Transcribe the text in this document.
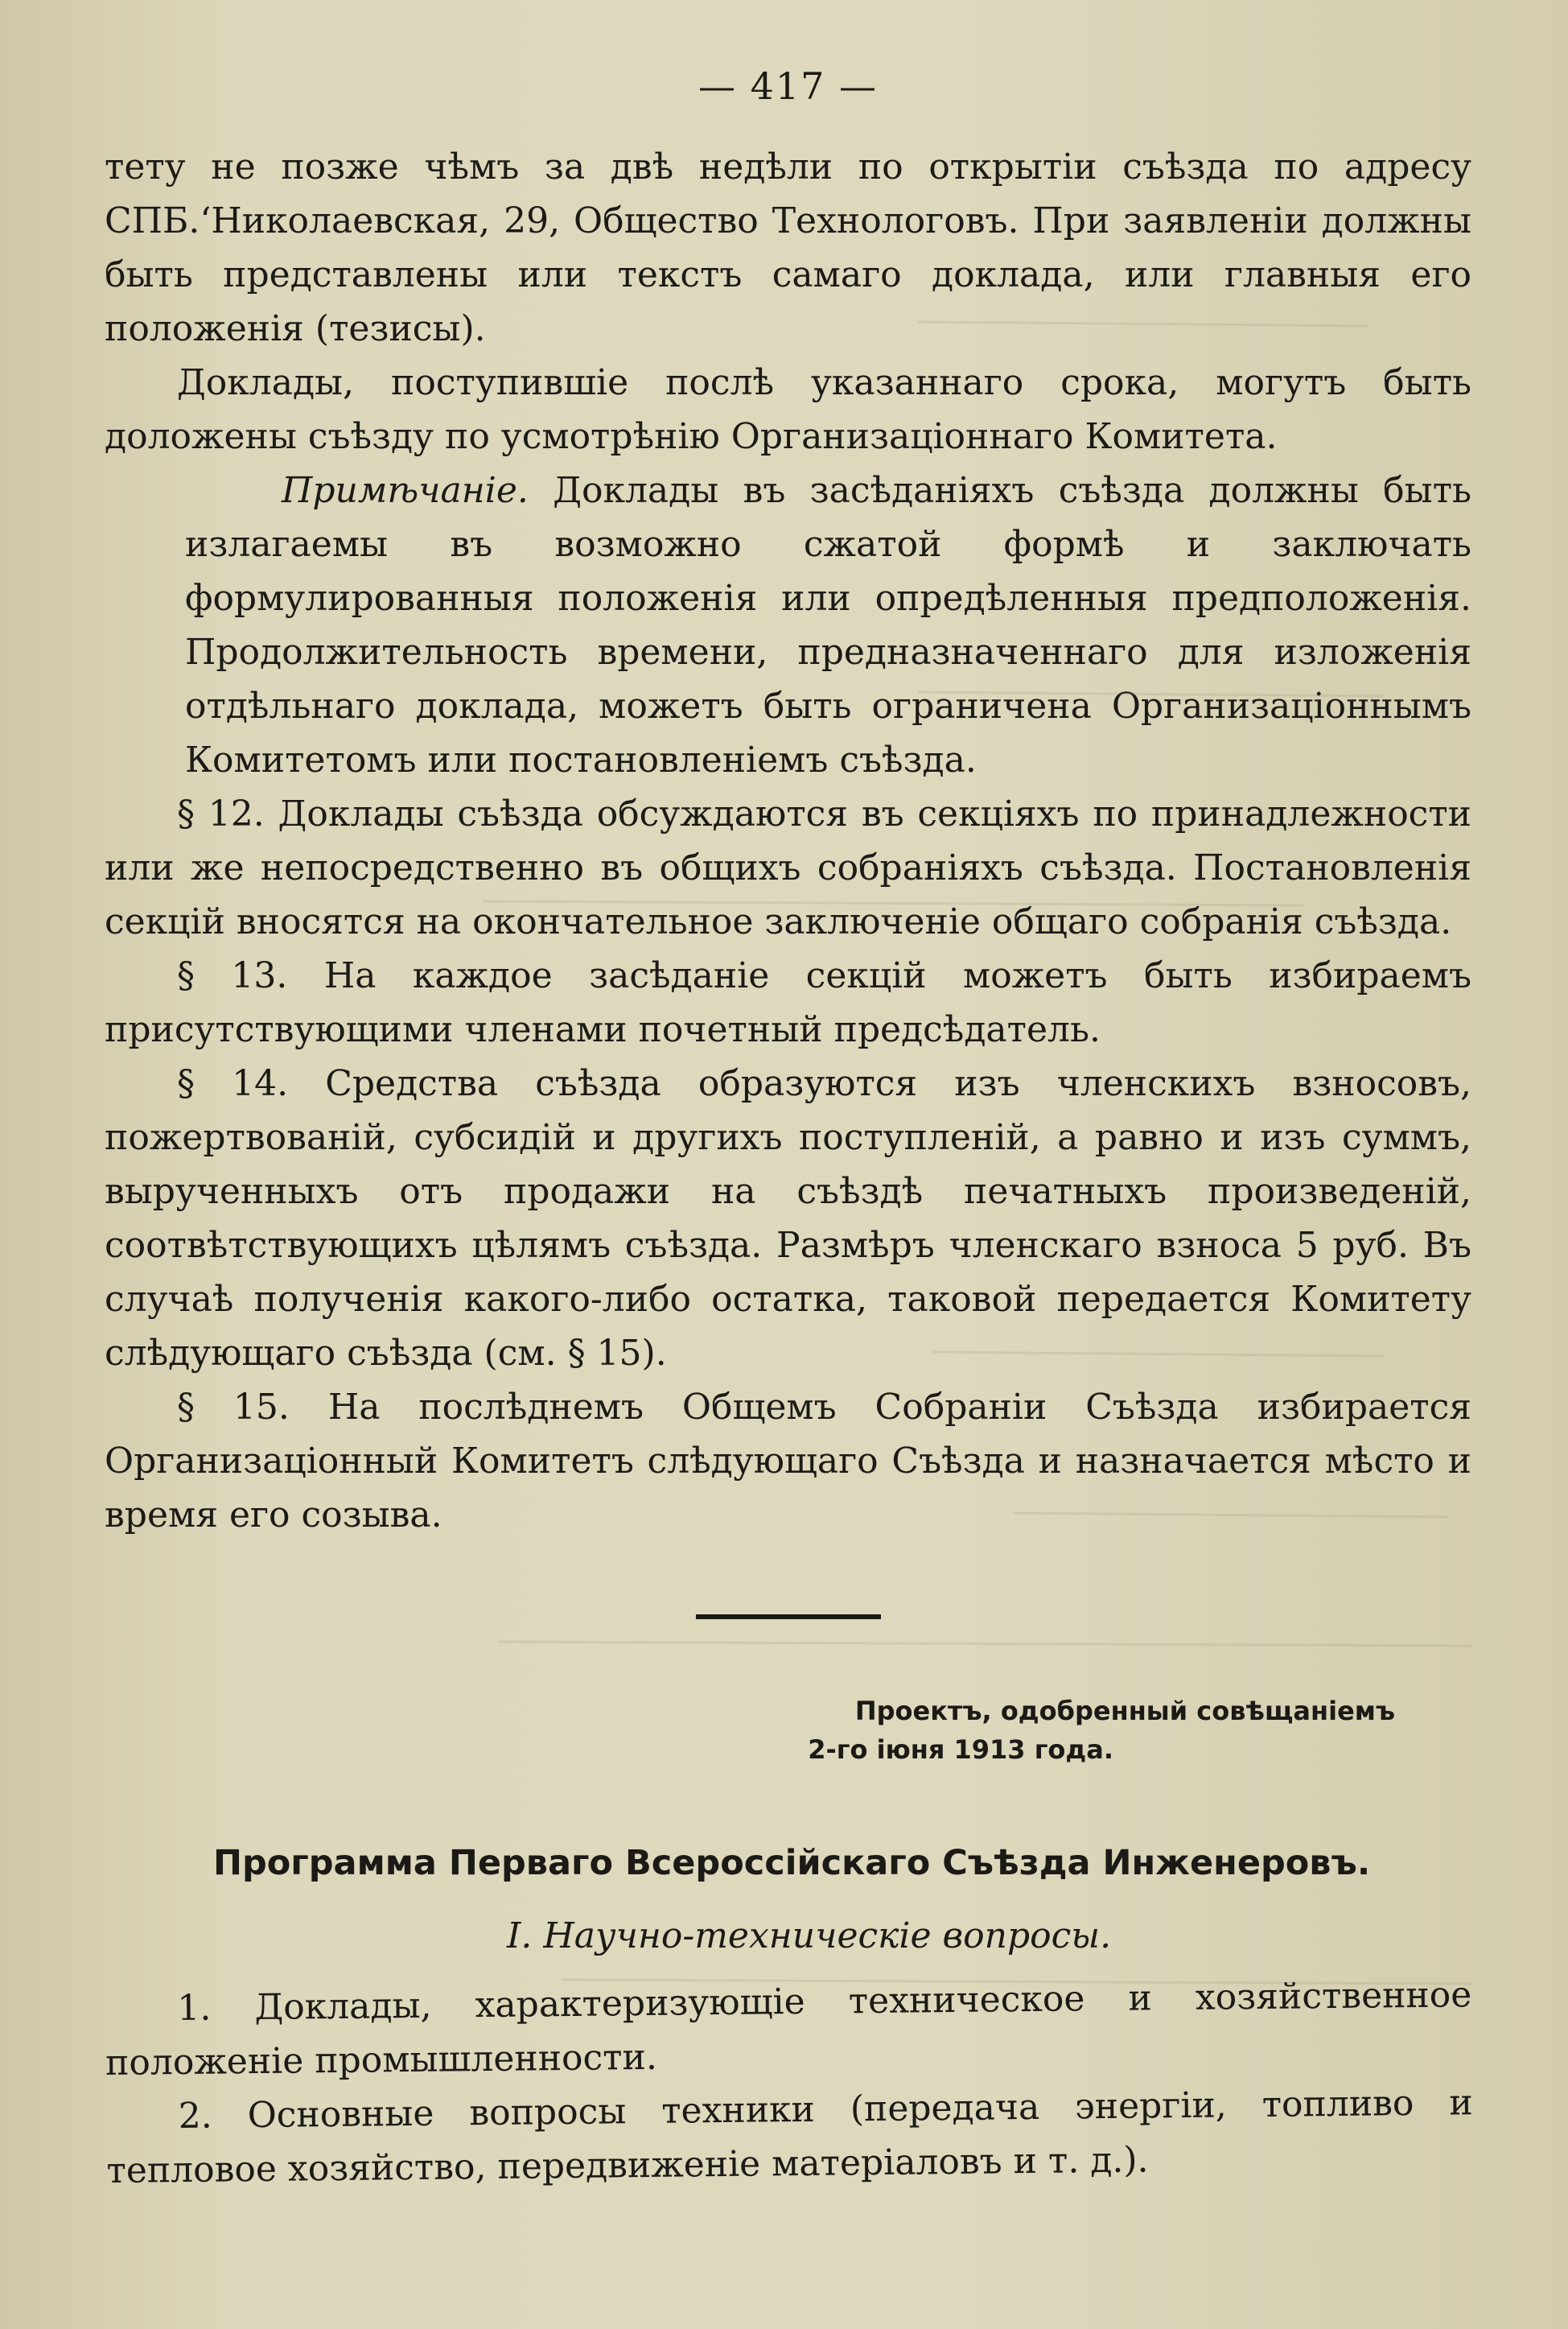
— 417 —

тету не позже чѣмъ за двѣ недѣли по открытiи съѣзда по адресу СПБ.‘Николаевская, 29, Общество Технологовъ. При заявленiи должны быть представлены или текстъ самаго доклада, или главныя его положенiя (тезисы).

Доклады, поступившiе послѣ указаннаго срока, могутъ быть доложены съѣзду по усмотрѣнiю Организацiоннаго Комитета.

Примѣчанiе. Доклады въ засѣданiяхъ съѣзда должны быть излагаемы въ возможно сжатой формѣ и заключать формулированныя положенiя или опредѣленныя предположенiя. Продолжительность времени, предназначеннаго для изложенiя отдѣльнаго доклада, можетъ быть ограничена Организацiоннымъ Комитетомъ или постановленiемъ съѣзда.

§ 12. Доклады съѣзда обсуждаются въ секцiяхъ по принадлежности или же непосредственно въ общихъ собранiяхъ съѣзда. Постановленiя секцiй вносятся на окончательное заключенiе общаго собранiя съѣзда.

§ 13. На каждое засѣданiе секцiй можетъ быть избираемъ присутствующими членами почетный предсѣдатель.

§ 14. Средства съѣзда образуются изъ членскихъ взносовъ, пожертвованiй, субсидiй и другихъ поступленiй, а равно и изъ суммъ, вырученныхъ отъ продажи на съѣздѣ печатныхъ произведенiй, соотвѣтствующихъ цѣлямъ съѣзда. Размѣръ членскаго взноса 5 руб. Въ случаѣ полученiя какого-либо остатка, таковой передается Комитету слѣдующаго съѣзда (см. § 15).

§ 15. На послѣднемъ Общемъ Собранiи Съѣзда избирается Организацiонный Комитетъ слѣдующаго Съѣзда и назначается мѣсто и время его созыва.

Проектъ, одобренный совѣщанiемъ
2-го iюня 1913 года.
Программа Перваго Всероссiйскаго Съѣзда Инженеровъ.
I. Научно-техническiе вопросы.

1. Доклады, характеризующiе техническое и хозяйственное положенiе промышленности.

2. Основные вопросы техники (передача энергiи, топливо и тепловое хозяйство, передвиженiе матерiаловъ и т. д.).
